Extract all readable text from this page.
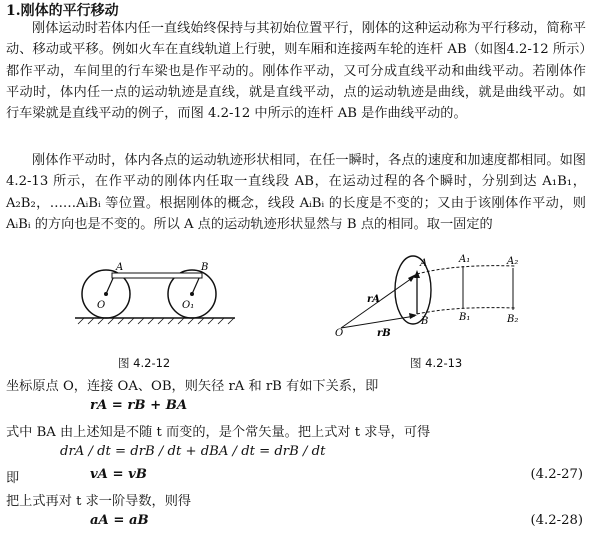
1.刚体的平行移动
刚体运动时若体内任一直线始终保持与其初始位置平行，刚体的这种运动称为平行移动，简称平动、移动或平移。例如火车在直线轨道上行驶，则车厢和连接两车轮的连杆 AB（如图4.2-12 所示）都作平动，车间里的行车梁也是作平动的。刚体作平动，又可分成直线平动和曲线平动。若刚体作平动时，体内任一点的运动轨迹是直线，就是直线平动，点的运动轨迹是曲线，就是曲线平动。如行车梁就是直线平动的例子，而图 4.2-12 中所示的连杆 AB 是作曲线平动的。
刚体作平动时，体内各点的运动轨迹形状相同，在任一瞬时，各点的速度和加速度都相同。如图 4.2-13 所示，在作平动的刚体内任取一直线段 AB，在运动过程的各个瞬时，分别到达 A₁B₁，A₂B₂，……AᵢBᵢ 等位置。根据刚体的概念，线段 AᵢBᵢ 的长度是不变的；又由于该刚体作平动，则 AᵢBᵢ 的方向也是不变的。所以 A 点的运动轨迹形状显然与 B 点的相同。取一固定的
A	B
O	O₁
图 4.2-12
A
B
O
rA
rB
A₁	A₂
B₁	B₂
图 4.2-13
坐标原点 O，连接 OA、OB，则矢径 rA 和 rB 有如下关系，即
rA = rB + BA
式中 BA 由上述知是不随 t 而变的，是个常矢量。把上式对 t 求导，可得
drA / dt = drB / dt + dBA / dt = drB / dt
即	vA = vB	(4.2-27)
把上式再对 t 求一阶导数，则得
aA = aB	(4.2-28)
